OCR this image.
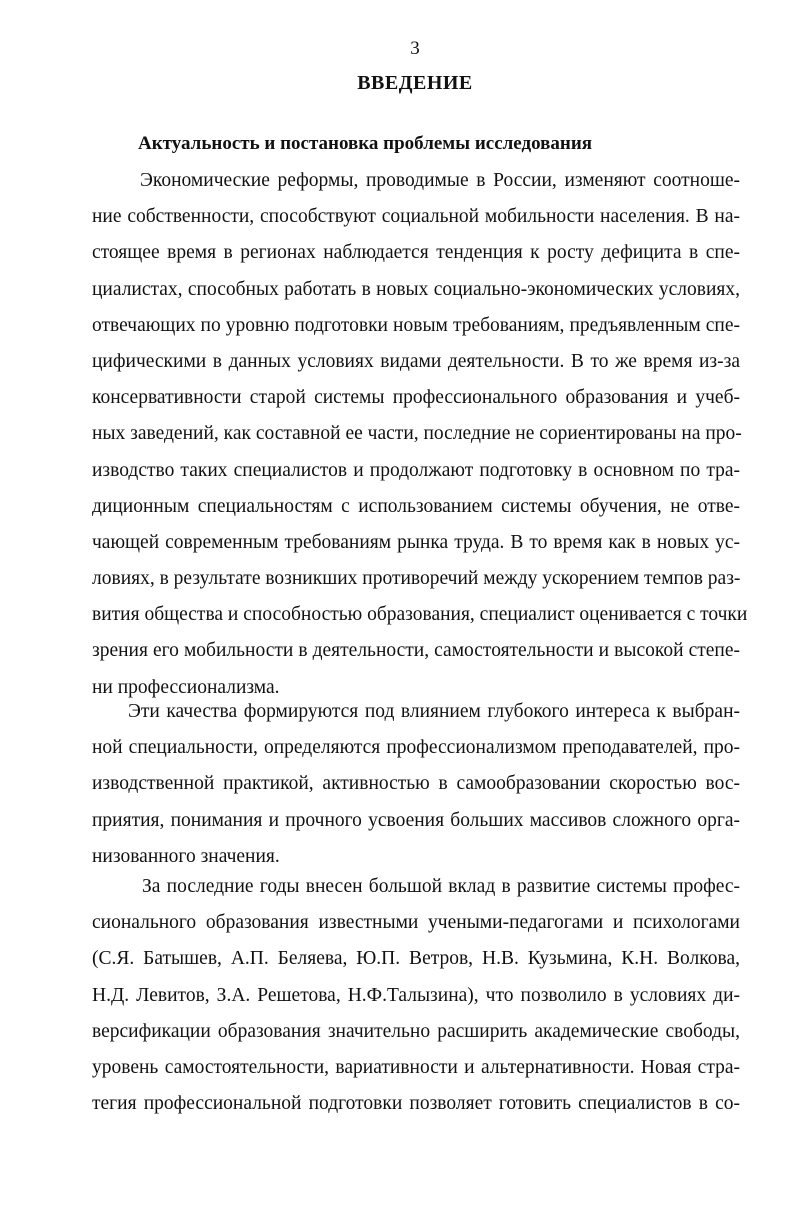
3
ВВЕДЕНИЕ
Актуальность и постановка проблемы исследования
Экономические реформы, проводимые в России, изменяют соотноше-
ние собственности, способствуют социальной мобильности населения. В на-
стоящее время в регионах наблюдается тенденция к росту дефицита в спе-
циалистах, способных работать в новых социально-экономических условиях,
отвечающих по уровню подготовки новым требованиям, предъявленным спе-
цифическими в данных условиях видами деятельности. В то же время из-за
консервативности старой системы профессионального образования и учеб-
ных заведений, как составной ее части, последние не сориентированы на про-
изводство таких специалистов и продолжают подготовку в основном по тра-
диционным специальностям с использованием системы обучения, не отве-
чающей современным требованиям рынка труда. В то время как в новых ус-
ловиях, в результате возникших противоречий между ускорением темпов раз-
вития общества и способностью образования, специалист оценивается с точки
зрения его мобильности в деятельности, самостоятельности и высокой степе-
ни профессионализма.
Эти качества формируются под влиянием глубокого интереса к выбран-
ной специальности, определяются профессионализмом преподавателей, про-
изводственной практикой, активностью в самообразовании скоростью вос-
приятия, понимания и прочного усвоения больших массивов сложного орга-
низованного значения.
За последние годы внесен большой вклад в развитие системы профес-
сионального образования известными учеными-педагогами и психологами
(С.Я. Батышев, А.П. Беляева, Ю.П. Ветров, Н.В. Кузьмина, К.Н. Волкова,
Н.Д. Левитов, З.А. Решетова, Н.Ф.Талызина), что позволило в условиях ди-
версификации образования значительно расширить академические свободы,
уровень самостоятельности, вариативности и альтернативности. Новая стра-
тегия профессиональной подготовки позволяет готовить специалистов в со-
